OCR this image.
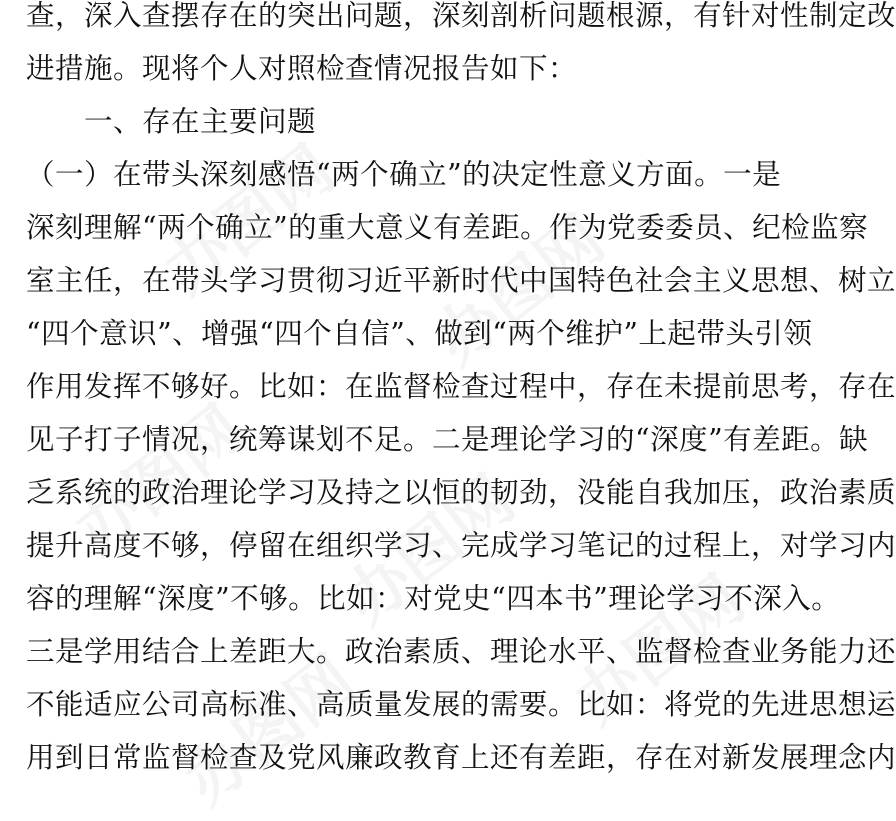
办图网 办图网
办图网 办图网
办图网
办图网
查，深入查摆存在的突出问题，深刻剖析问题根源，有针对性制定改
进措施。现将个人对照检查情况报告如下：
一、存在主要问题
（一）在带头深刻感悟“两个确立”的决定性意义方面。一是
深刻理解“两个确立”的重大意义有差距。作为党委委员、纪检监察
室主任，在带头学习贯彻习近平新时代中国特色社会主义思想、树立
“四个意识”、增强“四个自信”、做到“两个维护”上起带头引领
作用发挥不够好。比如：在监督检查过程中，存在未提前思考，存在
见子打子情况，统筹谋划不足。二是理论学习的“深度”有差距。缺
乏系统的政治理论学习及持之以恒的韧劲，没能自我加压，政治素质
提升高度不够，停留在组织学习、完成学习笔记的过程上，对学习内
容的理解“深度”不够。比如：对党史“四本书”理论学习不深入。
三是学用结合上差距大。政治素质、理论水平、监督检查业务能力还
不能适应公司高标准、高质量发展的需要。比如：将党的先进思想运
用到日常监督检查及党风廉政教育上还有差距，存在对新发展理念内
